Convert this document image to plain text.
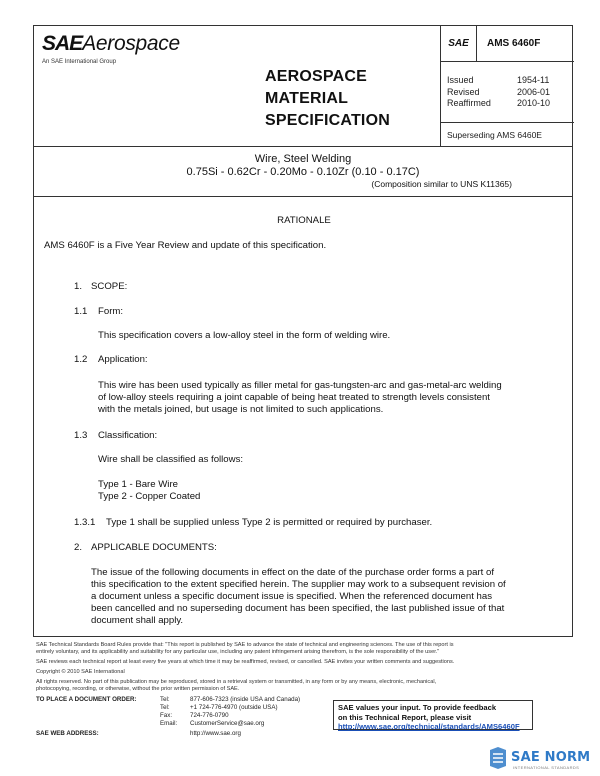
SAEAerospace
An SAE International Group
AEROSPACE
MATERIAL
SPECIFICATION
SAE	AMS 6460F
Issued	1954-11
Revised	2006-01
Reaffirmed	2010-10
Superseding AMS 6460E
Wire, Steel Welding
0.75Si - 0.62Cr - 0.20Mo - 0.10Zr (0.10 - 0.17C)
(Composition similar to UNS K11365)
RATIONALE
AMS 6460F is a Five Year Review and update of this specification.
1. SCOPE:
1.1 Form:
This specification covers a low-alloy steel in the form of welding wire.
1.2 Application:
This wire has been used typically as filler metal for gas-tungsten-arc and gas-metal-arc welding
of low-alloy steels requiring a joint capable of being heat treated to strength levels consistent
with the metals joined, but usage is not limited to such applications.
1.3 Classification:
Wire shall be classified as follows:
Type 1 - Bare Wire
Type 2 - Copper Coated
1.3.1 Type 1 shall be supplied unless Type 2 is permitted or required by purchaser.
2. APPLICABLE DOCUMENTS:
The issue of the following documents in effect on the date of the purchase order forms a part of
this specification to the extent specified herein. The supplier may work to a subsequent revision of
a document unless a specific document issue is specified. When the referenced document has
been cancelled and no superseding document has been specified, the last published issue of that
document shall apply.
SAE Technical Standards Board Rules provide that: "This report is published by SAE to advance the state of technical and engineering sciences. The use of this report is
entirely voluntary, and its applicability and suitability for any particular use, including any patent infringement arising therefrom, is the sole responsibility of the user."
SAE reviews each technical report at least every five years at which time it may be reaffirmed, revised, or cancelled. SAE invites your written comments and suggestions.
Copyright © 2010 SAE International
All rights reserved. No part of this publication may be reproduced, stored in a retrieval system or transmitted, in any form or by any means, electronic, mechanical,
photocopying, recording, or otherwise, without the prior written permission of SAE.
TO PLACE A DOCUMENT ORDER:	Tel:	877-606-7323 (inside USA and Canada)
Tel:	+1 724-776-4970 (outside USA)
Fax:	724-776-0790
Email: CustomerService@sae.org
SAE WEB ADDRESS:	http://www.sae.org
SAE values your input. To provide feedback
on this Technical Report, please visit
http://www.sae.org/technical/standards/AMS6460F
SAE NORM
INTERNATIONAL STANDARDS
